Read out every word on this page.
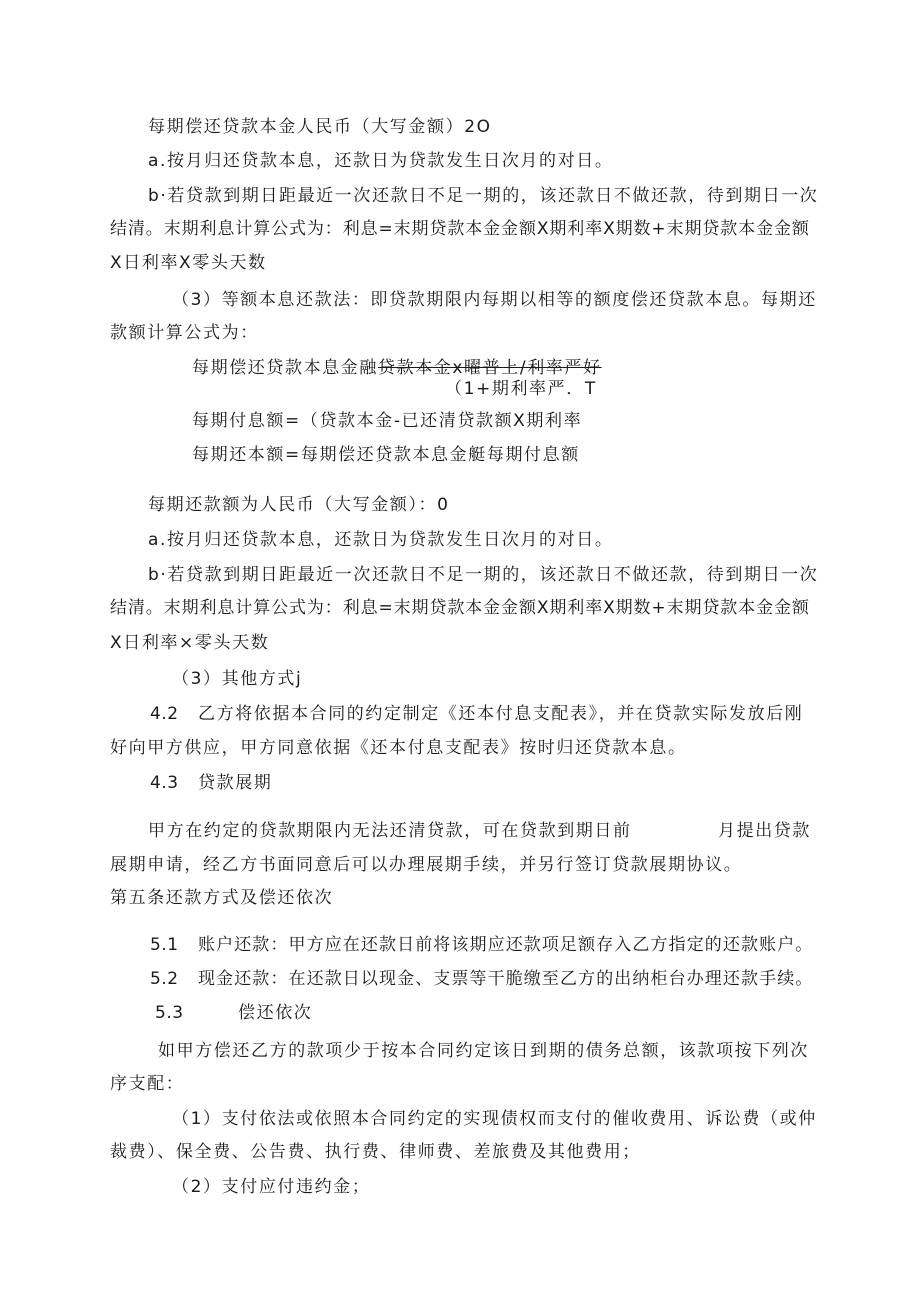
每期偿还贷款本金人民币（大写金额）2O
a.按月归还贷款本息，还款日为贷款发生日次月的对日。
b·若贷款到期日距最近一次还款日不足一期的，该还款日不做还款，待到期日一次
结清。末期利息计算公式为：利息=末期贷款本金金额X期利率X期数+末期贷款本金金额
X日利率X零头天数
（3）等额本息还款法：即贷款期限内每期以相等的额度偿还贷款本息。每期还
款额计算公式为：
每期偿还贷款本息金融贷款本金x曜普上/利率严好
（1+期利率严．T
每期付息额=（贷款本金-已还清贷款额X期利率
每期还本额=每期偿还贷款本息金艇每期付息额
每期还款额为人民币（大写金额）：0
a.按月归还贷款本息，还款日为贷款发生日次月的对日。
b·若贷款到期日距最近一次还款日不足一期的，该还款日不做还款，待到期日一次
结清。末期利息计算公式为：利息=末期贷款本金金额X期利率X期数+末期贷款本金金额
X日利率×零头天数
（3）其他方式j
4.2 乙方将依据本合同的约定制定《还本付息支配表》，并在贷款实际发放后刚
好向甲方供应，甲方同意依据《还本付息支配表》按时归还贷款本息。
4.3 贷款展期
甲方在约定的贷款期限内无法还清贷款，可在贷款到期日前	月提出贷款
展期申请，经乙方书面同意后可以办理展期手续，并另行签订贷款展期协议。
第五条还款方式及偿还依次
5.1 账户还款：甲方应在还款日前将该期应还款项足额存入乙方指定的还款账户。
5.2 现金还款：在还款日以现金、支票等干脆缴至乙方的出纳柜台办理还款手续。
5.3	偿还依次
如甲方偿还乙方的款项少于按本合同约定该日到期的债务总额，该款项按下列次
序支配：
（1）支付依法或依照本合同约定的实现债权而支付的催收费用、诉讼费（或仲
裁费）、保全费、公告费、执行费、律师费、差旅费及其他费用；
（2）支付应付违约金；
